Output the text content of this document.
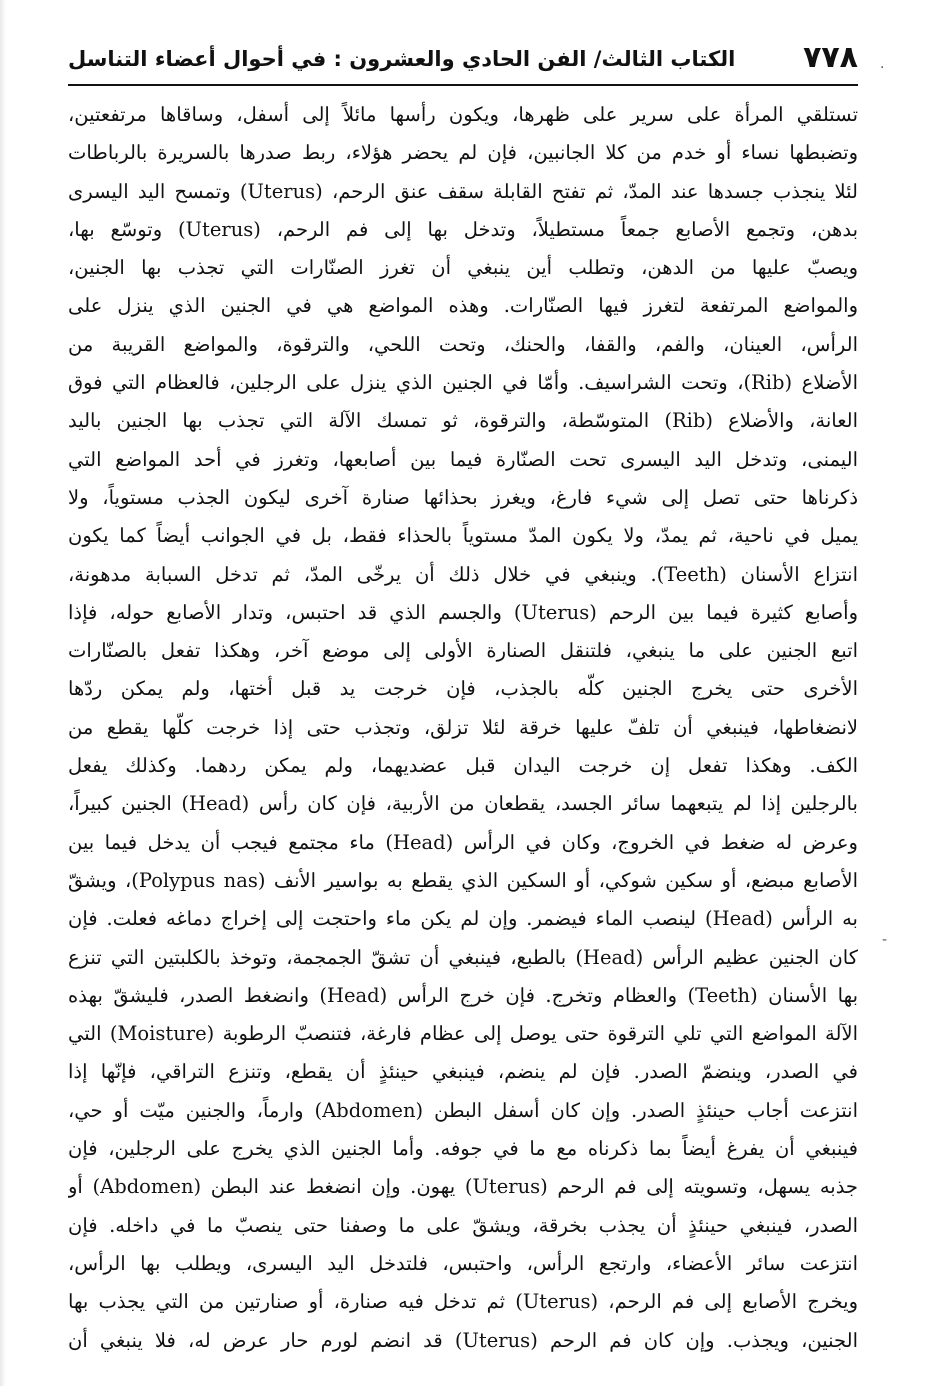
٧٧٨
الكتاب الثالث/ الفن الحادي والعشرون : في أحوال أعضاء التناسل	·
-
تستلقي المرأة على سرير على ظهرها، ويكون رأسها مائلاً إلى أسفل، وساقاها مرتفعتين،
وتضبطها نساء أو خدم من كلا الجانبين، فإن لم يحضر هؤلاء، ربط صدرها بالسريرة بالرباطات
لئلا ينجذب جسدها عند المدّ، ثم تفتح القابلة سقف عنق الرحم، (Uterus) وتمسح اليد اليسرى
بدهن، وتجمع الأصابع جمعاً مستطيلاً، وتدخل بها إلى فم الرحم، (Uterus) وتوسّع بها،
ويصبّ عليها من الدهن، وتطلب أين ينبغي أن تغرز الصنّارات التي تجذب بها الجنين،
والمواضع المرتفعة لتغرز فيها الصنّارات. وهذه المواضع هي في الجنين الذي ينزل على
الرأس، العينان، والفم، والقفا، والحنك، وتحت اللحي، والترقوة، والمواضع القريبة من
الأضلاع (Rib)، وتحت الشراسيف. وأمّا في الجنين الذي ينزل على الرجلين، فالعظام التي فوق
العانة، والأضلاع (Rib) المتوسّطة، والترقوة، ثو تمسك الآلة التي تجذب بها الجنين باليد
اليمنى، وتدخل اليد اليسرى تحت الصنّارة فيما بين أصابعها، وتغرز في أحد المواضع التي
ذكرناها حتى تصل إلى شيء فارغ، ويغرز بحذائها صنارة آخرى ليكون الجذب مستوياً، ولا
يميل في ناحية، ثم يمدّ، ولا يكون المدّ مستوياً بالحذاء فقط، بل في الجوانب أيضاً كما يكون
انتزاع الأسنان (Teeth). وينبغي في خلال ذلك أن يرخّى المدّ، ثم تدخل السبابة مدهونة،
وأصابع كثيرة فيما بين الرحم (Uterus) والجسم الذي قد احتبس، وتدار الأصابع حوله، فإذا
اتبع الجنين على ما ينبغي، فلتنقل الصنارة الأولى إلى موضع آخر، وهكذا تفعل بالصنّارات
الأخرى حتى يخرج الجنين كلّه بالجذب، فإن خرجت يد قبل أختها، ولم يمكن ردّها
لانضغاطها، فينبغي أن تلفّ عليها خرقة لئلا تزلق، وتجذب حتى إذا خرجت كلّها يقطع من
الكف. وهكذا تفعل إن خرجت اليدان قبل عضديهما، ولم يمكن ردهما. وكذلك يفعل
بالرجلين إذا لم يتبعهما سائر الجسد، يقطعان من الأربية، فإن كان رأس (Head) الجنين كبيراً،
وعرض له ضغط في الخروج، وكان في الرأس (Head) ماء مجتمع فيجب أن يدخل فيما بين
الأصابع مبضع، أو سكين شوكي، أو السكين الذي يقطع به بواسير الأنف (Polypus nas)، ويشقّ
به الرأس (Head) لينصب الماء فيضمر. وإن لم يكن ماء واحتجت إلى إخراج دماغه فعلت. فإن
كان الجنين عظيم الرأس (Head) بالطبع، فينبغي أن تشقّ الجمجمة، وتوخذ بالكلبتين التي تنزع
بها الأسنان (Teeth) والعظام وتخرج. فإن خرج الرأس (Head) وانضغط الصدر، فليشقّ بهذه
الآلة المواضع التي تلي الترقوة حتى يوصل إلى عظام فارغة، فتنصبّ الرطوبة (Moisture) التي
في الصدر، وينضمّ الصدر. فإن لم ينضم، فينبغي حينئذٍ أن يقطع، وتنزع التراقي، فإنّها إذا
انتزعت أجاب حينئذٍ الصدر. وإن كان أسفل البطن (Abdomen) وارماً، والجنين ميّت أو حي،
فينبغي أن يفرغ أيضاً بما ذكرناه مع ما في جوفه. وأما الجنين الذي يخرج على الرجلين، فإن
جذبه يسهل، وتسويته إلى فم الرحم (Uterus) يهون. وإن انضغط عند البطن (Abdomen) أو
الصدر، فينبغي حينئذٍ أن يجذب بخرقة، ويشقّ على ما وصفنا حتى ينصبّ ما في داخله. فإن
انتزعت سائر الأعضاء، وارتجع الرأس، واحتبس، فلتدخل اليد اليسرى، ويطلب بها الرأس،
ويخرج الأصابع إلى فم الرحم، (Uterus) ثم تدخل فيه صنارة، أو صنارتين من التي يجذب بها
الجنين، ويجذب. وإن كان فم الرحم (Uterus) قد انضم لورم حار عرض له، فلا ينبغي أن
